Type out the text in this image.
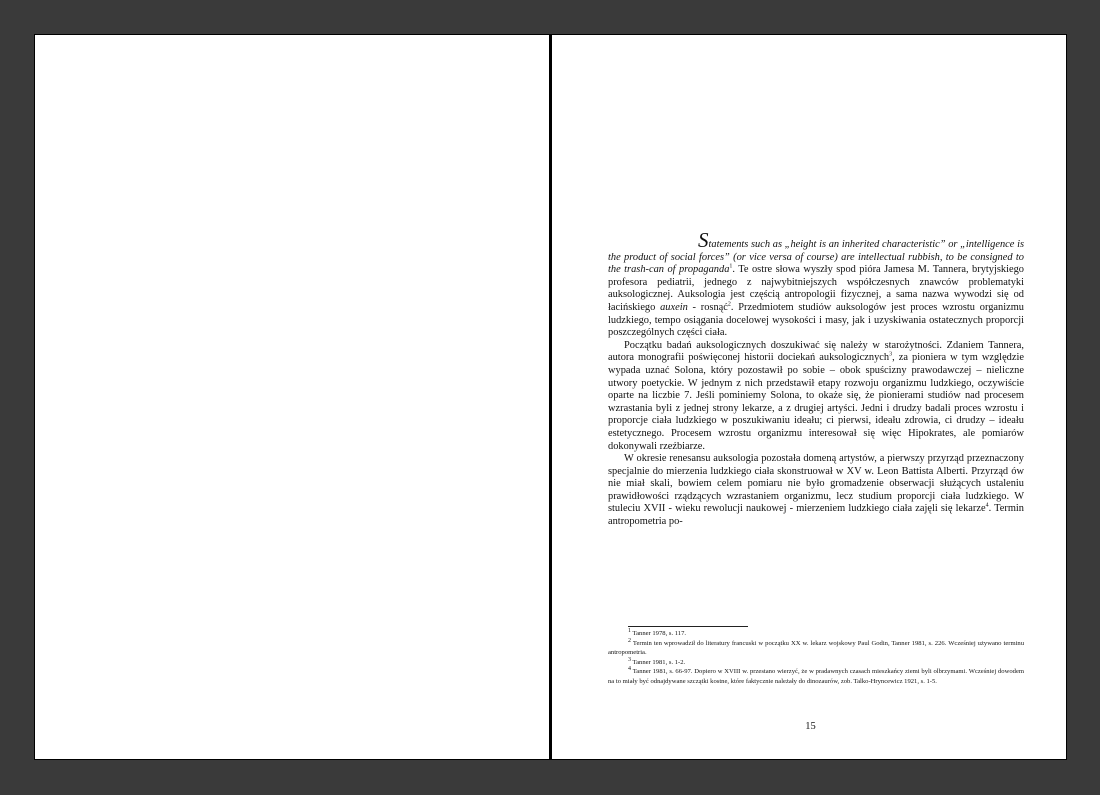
Statements such as „height is an inherited characteristic” or „intelligence is the product of social forces” (or vice versa of course) are intellectual rubbish, to be consigned to the trash-can of propaganda$^1$. Te ostre słowa wyszły spod pióra Jamesa M. Tannera, brytyjskiego profesora pediatrii, jednego z najwybitniejszych współczesnych znawców problematyki auksologicznej. Auksologia jest częścią antropologii fizycznej, a sama nazwa wywodzi się od łacińskiego auxein - rosnąć$^2$. Przedmiotem studiów auksologów jest proces wzrostu organizmu ludzkiego, tempo osiągania docelowej wysokości i masy, jak i uzyskiwania ostatecznych proporcji poszczególnych części ciała.

Początku badań auksologicznych doszukiwać się należy w starożytności. Zdaniem Tannera, autora monografii poświęconej historii dociekań auksologicznych$^3$, za pioniera w tym względzie wypada uznać Solona, który pozostawił po sobie – obok spuścizny prawodawczej – nieliczne utwory poetyckie. W jednym z nich przedstawił etapy rozwoju organizmu ludzkiego, oczywiście oparte na liczbie 7. Jeśli pominiemy Solona, to okaże się, że pionierami studiów nad procesem wzrastania byli z jednej strony lekarze, a z drugiej artyści. Jedni i drudzy badali proces wzrostu i proporcje ciała ludzkiego w poszukiwaniu ideału; ci pierwsi, ideału zdrowia, ci drudzy – ideału estetycznego. Procesem wzrostu organizmu interesował się więc Hipokrates, ale pomiarów dokonywali rzeźbiarze.

W okresie renesansu auksologia pozostała domeną artystów, a pierwszy przyrząd przeznaczony specjalnie do mierzenia ludzkiego ciała skonstruował w XV w. Leon Battista Alberti. Przyrząd ów nie miał skali, bowiem celem pomiaru nie było gromadzenie obserwacji służących ustaleniu prawidłowości rządzących wzrastaniem organizmu, lecz studium proporcji ciała ludzkiego. W stuleciu XVII - wieku rewolucji naukowej - mierzeniem ludzkiego ciała zajęli się lekarze$^4$. Termin antropometria po-

$^1$ Tanner 1978, s. 117.

$^2$ Termin ten wprowadził do literatury francuski w początku XX w. lekarz wojskowy Paul Godin, Tanner 1981, s. 226. Wcześniej używano terminu antropometria.

$^3$ Tanner 1981, s. 1-2.

$^4$ Tanner 1981, s. 66-97. Dopiero w XVIII w. przestano wierzyć, że w pradawnych czasach mieszkańcy ziemi byli olbrzymami. Wcześniej dowodem na to miały być odnajdywane szczątki kostne, które faktycznie należały do dinozaurów, zob. Talko-Hryncewicz 1921, s. 1-5.

15
